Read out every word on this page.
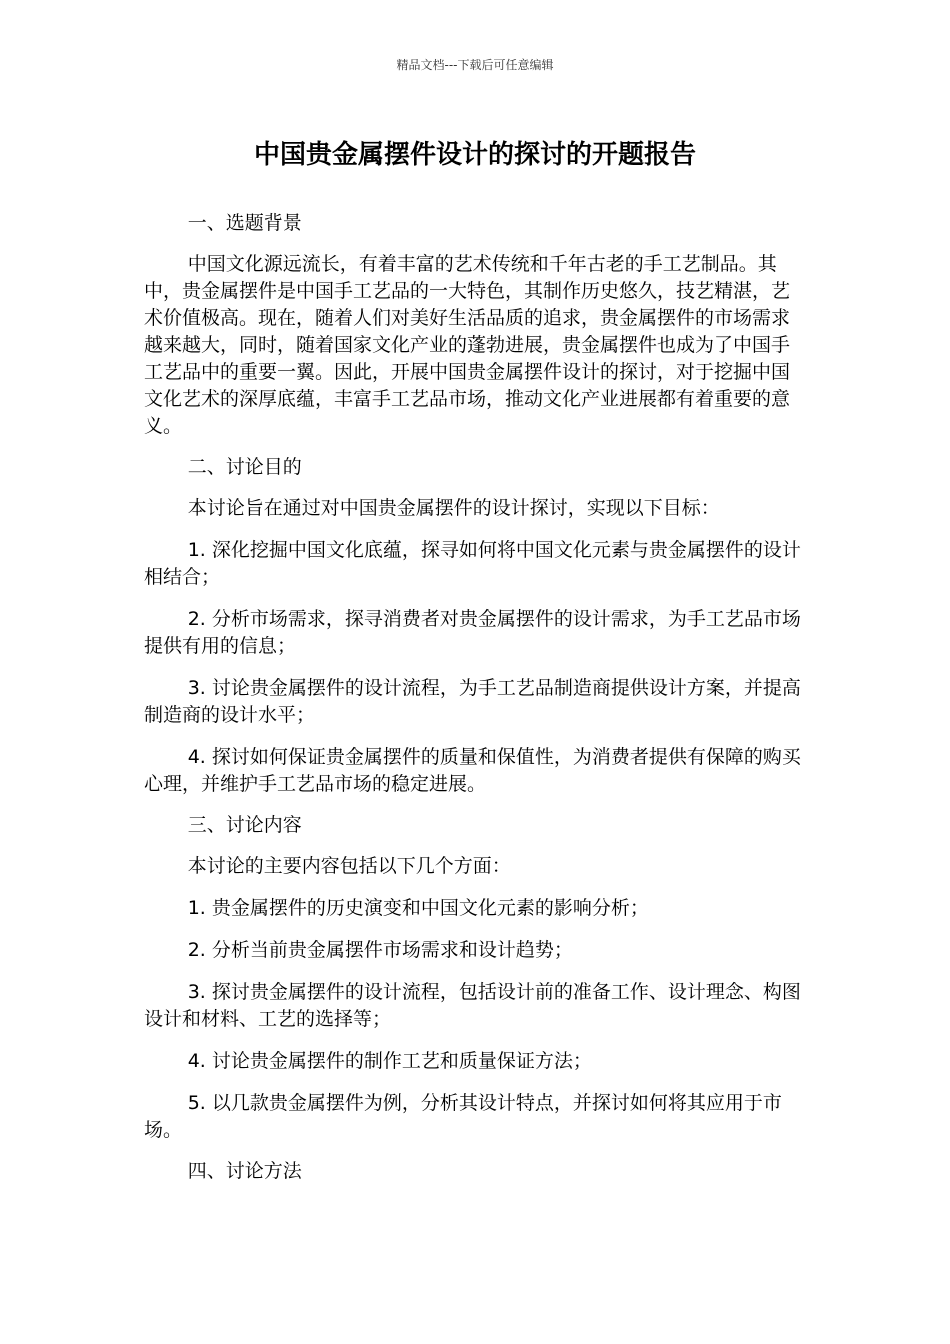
精品文档---下载后可任意编辑
中国贵金属摆件设计的探讨的开题报告

一、选题背景

中国文化源远流长，有着丰富的艺术传统和千年古老的手工艺制品。其中，贵金属摆件是中国手工艺品的一大特色，其制作历史悠久，技艺精湛，艺术价值极高。现在，随着人们对美好生活品质的追求，贵金属摆件的市场需求越来越大，同时，随着国家文化产业的蓬勃进展，贵金属摆件也成为了中国手工艺品中的重要一翼。因此，开展中国贵金属摆件设计的探讨，对于挖掘中国文化艺术的深厚底蕴，丰富手工艺品市场，推动文化产业进展都有着重要的意义。

二、讨论目的

本讨论旨在通过对中国贵金属摆件的设计探讨，实现以下目标：

1. 深化挖掘中国文化底蕴，探寻如何将中国文化元素与贵金属摆件的设计相结合；

2. 分析市场需求，探寻消费者对贵金属摆件的设计需求，为手工艺品市场提供有用的信息；

3. 讨论贵金属摆件的设计流程，为手工艺品制造商提供设计方案，并提高制造商的设计水平；

4. 探讨如何保证贵金属摆件的质量和保值性，为消费者提供有保障的购买心理，并维护手工艺品市场的稳定进展。

三、讨论内容

本讨论的主要内容包括以下几个方面：

1. 贵金属摆件的历史演变和中国文化元素的影响分析；

2. 分析当前贵金属摆件市场需求和设计趋势；

3. 探讨贵金属摆件的设计流程，包括设计前的准备工作、设计理念、构图设计和材料、工艺的选择等；

4. 讨论贵金属摆件的制作工艺和质量保证方法；

5. 以几款贵金属摆件为例，分析其设计特点，并探讨如何将其应用于市场。

四、讨论方法
